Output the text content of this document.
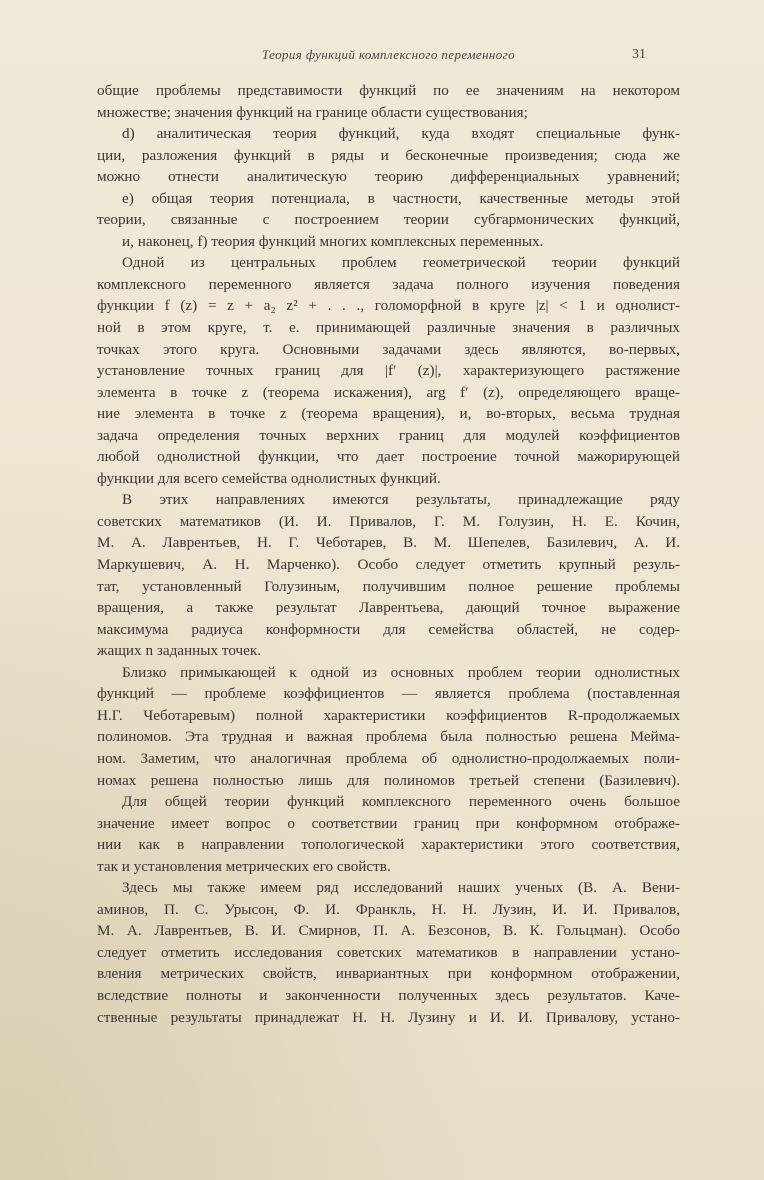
Теория функций комплексного переменного	31
общие проблемы представимости функций по ее значениям на некотором
множестве; значения функций на границе области существования;
d) аналитическая теория функций, куда входят специальные функ-
ции, разложения функций в ряды и бесконечные произведения; сюда же
можно отнести аналитическую теорию дифференциальных уравнений;
e) общая теория потенциала, в частности, качественные методы этой
теории, связанные с построением теории субгармонических функций,
и, наконец, f) теория функций многих комплексных переменных.
Одной из центральных проблем геометрической теории функций
комплексного переменного является задача полного изучения поведения
функции f (z) = z + a₂ z² + . . ., голоморфной в круге |z| < 1 и однолист-
ной в этом круге, т. е. принимающей различные значения в различных
точках этого круга. Основными задачами здесь являются, во-первых,
установление точных границ для |f′ (z)|, характеризующего растяжение
элемента в точке z (теорема искажения), arg f′ (z), определяющего враще-
ние элемента в точке z (теорема вращения), и, во-вторых, весьма трудная
задача определения точных верхних границ для модулей коэффициентов
любой однолистной функции, что дает построение точной мажорирующей
функции для всего семейства однолистных функций.
В этих направлениях имеются результаты, принадлежащие ряду
советских математиков (И. И. Привалов, Г. М. Голузин, Н. Е. Кочин,
М. А. Лаврентьев, Н. Г. Чеботарев, В. М. Шепелев, Базилевич, А. И.
Маркушевич, А. Н. Марченко). Особо следует отметить крупный резуль-
тат, установленный Голузиным, получившим полное решение проблемы
вращения, а также результат Лаврентьева, дающий точное выражение
максимума радиуса конформности для семейства областей, не содер-
жащих n заданных точек.
Близко примыкающей к одной из основных проблем теории однолистных
функций — проблеме коэффициентов — является проблема (поставленная
Н.Г. Чеботаревым) полной характеристики коэффициентов R-продолжаемых
полиномов. Эта трудная и важная проблема была полностью решена Мейма-
ном. Заметим, что аналогичная проблема об однолистно-продолжаемых поли-
номах решена полностью лишь для полиномов третьей степени (Базилевич).
Для общей теории функций комплексного переменного очень большое
значение имеет вопрос о соответствии границ при конформном отображе-
нии как в направлении топологической характеристики этого соответствия,
так и установления метрических его свойств.
Здесь мы также имеем ряд исследований наших ученых (В. А. Вени-
аминов, П. С. Урысон, Ф. И. Франкль, Н. Н. Лузин, И. И. Привалов,
М. А. Лаврентьев, В. И. Смирнов, П. А. Безсонов, В. К. Гольцман). Особо
следует отметить исследования советских математиков в направлении устано-
вления метрических свойств, инвариантных при конформном отображении,
вследствие полноты и законченности полученных здесь результатов. Каче-
ственные результаты принадлежат Н. Н. Лузину и И. И. Привалову, устано-
